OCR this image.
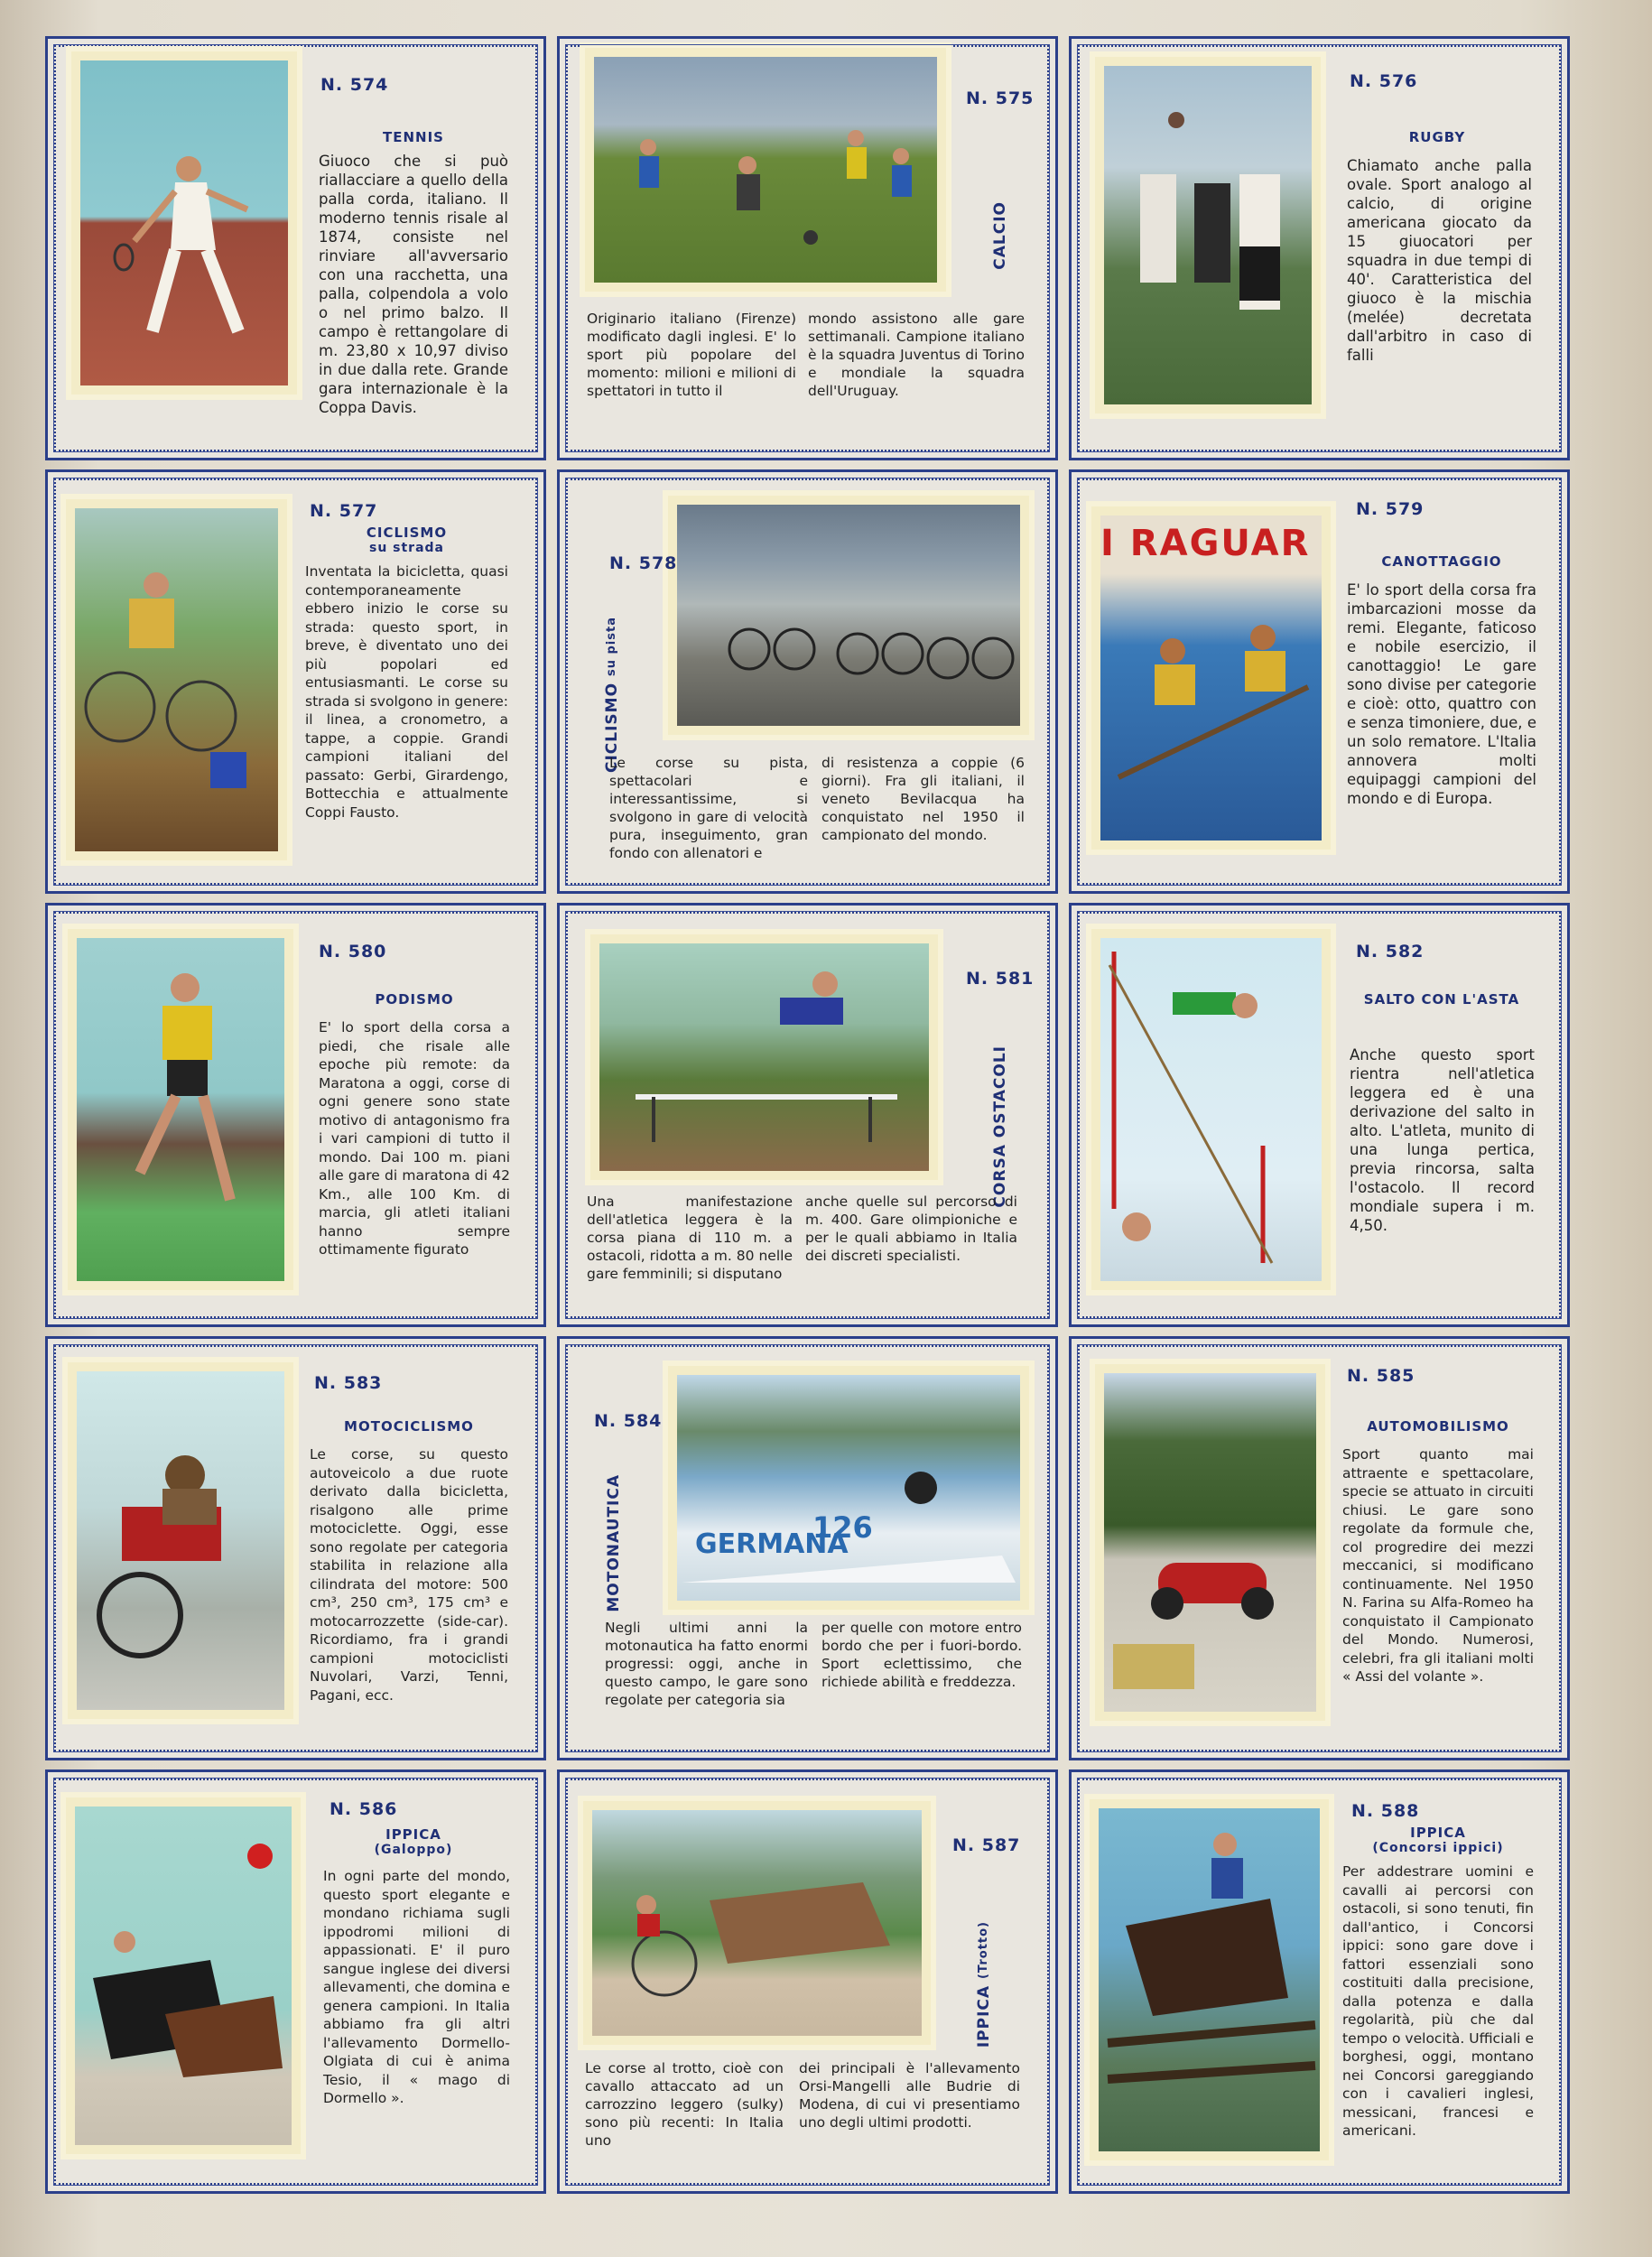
N. 574
TENNIS
Giuoco che si può riallacciare a quello della palla corda, italiano. Il moderno tennis risale al 1874, consiste nel rinviare all'avversario con una racchetta, una palla, colpendola a volo o nel primo balzo. Il campo è rettangolare di m. 23,80 x 10,97 diviso in due dalla rete. Grande gara internazionale è la Coppa Davis.
N. 575
CALCIO
Originario italiano (Firenze) modificato dagli inglesi. E' lo sport più popolare del momento: milioni e milioni di spettatori in tutto il
mondo assistono alle gare settimanali. Campione italiano è la squadra Juventus di Torino e mondiale la squadra dell'Uruguay.
N. 576
RUGBY
Chiamato anche palla ovale. Sport analogo al calcio, di origine americana giocato da 15 giuocatori per squadra in due tempi di 40'. Caratteristica del giuoco è la mischia (melée) decretata dall'arbitro in caso di falli
N. 577
CICLISMO
su strada
Inventata la bicicletta, quasi contemporaneamente ebbero inizio le corse su strada: questo sport, in breve, è diventato uno dei più popolari ed entusiasmanti. Le corse su strada si svolgono in genere: il linea, a cronometro, a tappe, a coppie. Grandi campioni italiani del passato: Gerbi, Girardengo, Bottecchia e attualmente Coppi Fausto.
N. 578
CICLISMO su pista
Le corse su pista, spettacolari e interessantissime, si svolgono in gare di velocità pura, inseguimento, gran fondo con allenatori e
di resistenza a coppie (6 giorni). Fra gli italiani, il veneto Bevilacqua ha conquistato nel 1950 il campionato del mondo.
I RAGUAR
N. 579
CANOTTAGGIO
E' lo sport della corsa fra imbarcazioni mosse da remi. Elegante, faticoso e nobile esercizio, il canottaggio! Le gare sono divise per categorie e cioè: otto, quattro con e senza timoniere, due, e un solo rematore. L'Italia annovera molti equipaggi campioni del mondo e di Europa.
N. 580
PODISMO
E' lo sport della corsa a piedi, che risale alle epoche più remote: da Maratona a oggi, corse di ogni genere sono state motivo di antagonismo fra i vari campioni di tutto il mondo. Dai 100 m. piani alle gare di maratona di 42 Km., alle 100 Km. di marcia, gli atleti italiani hanno sempre ottimamente figurato
N. 581
CORSA OSTACOLI
Una manifestazione dell'atletica leggera è la corsa piana di 110 m. a ostacoli, ridotta a m. 80 nelle gare femminili; si disputano
anche quelle sul percorso di m. 400. Gare olimpioniche e per le quali abbiamo in Italia dei discreti specialisti.
N. 582
SALTO CON L'ASTA
Anche questo sport rientra nell'atletica leggera ed è una derivazione del salto in alto. L'atleta, munito di una lunga pertica, previa rincorsa, salta l'ostacolo. Il record mondiale supera i m. 4,50.
N. 583
MOTOCICLISMO
Le corse, su questo autoveicolo a due ruote derivato dalla bicicletta, risalgono alle prime motociclette. Oggi, esse sono regolate per categoria stabilita in relazione alla cilindrata del motore: 500 cm³, 250 cm³, 175 cm³ e motocarrozzette (side-car). Ricordiamo, fra i grandi campioni motociclisti Nuvolari, Varzi, Tenni, Pagani, ecc.
GERMANA
126
N. 584
MOTONAUTICA
Negli ultimi anni la motonautica ha fatto enormi progressi: oggi, anche in questo campo, le gare sono regolate per categoria sia
per quelle con motore entro bordo che per i fuori-bordo. Sport eclettissimo, che richiede abilità e freddezza.
N. 585
AUTOMOBILISMO
Sport quanto mai attraente e spettacolare, specie se attuato in circuiti chiusi. Le gare sono regolate da formule che, col progredire dei mezzi meccanici, si modificano continuamente. Nel 1950 N. Farina su Alfa-Romeo ha conquistato il Campionato del Mondo. Numerosi, celebri, fra gli italiani molti « Assi del volante ».
N. 586
IPPICA
(Galoppo)
In ogni parte del mondo, questo sport elegante e mondano richiama sugli ippodromi milioni di appassionati. E' il puro sangue inglese dei diversi allevamenti, che domina e genera campioni. In Italia abbiamo fra gli altri l'allevamento Dormello-Olgiata di cui è anima Tesio, il « mago di Dormello ».
N. 587
IPPICA (Trotto)
Le corse al trotto, cioè con cavallo attaccato ad un carrozzino leggero (sulky) sono più recenti: In Italia uno
dei principali è l'allevamento Orsi-Mangelli alle Budrie di Modena, di cui vi presentiamo uno degli ultimi prodotti.
N. 588
IPPICA
(Concorsi ippici)
Per addestrare uomini e cavalli ai percorsi con ostacoli, si sono tenuti, fin dall'antico, i Concorsi ippici: sono gare dove i fattori essenziali sono costituiti dalla precisione, dalla potenza e dalla regolarità, più che dal tempo o velocità. Ufficiali e borghesi, oggi, montano nei Concorsi gareggiando con i cavalieri inglesi, messicani, francesi e americani.
